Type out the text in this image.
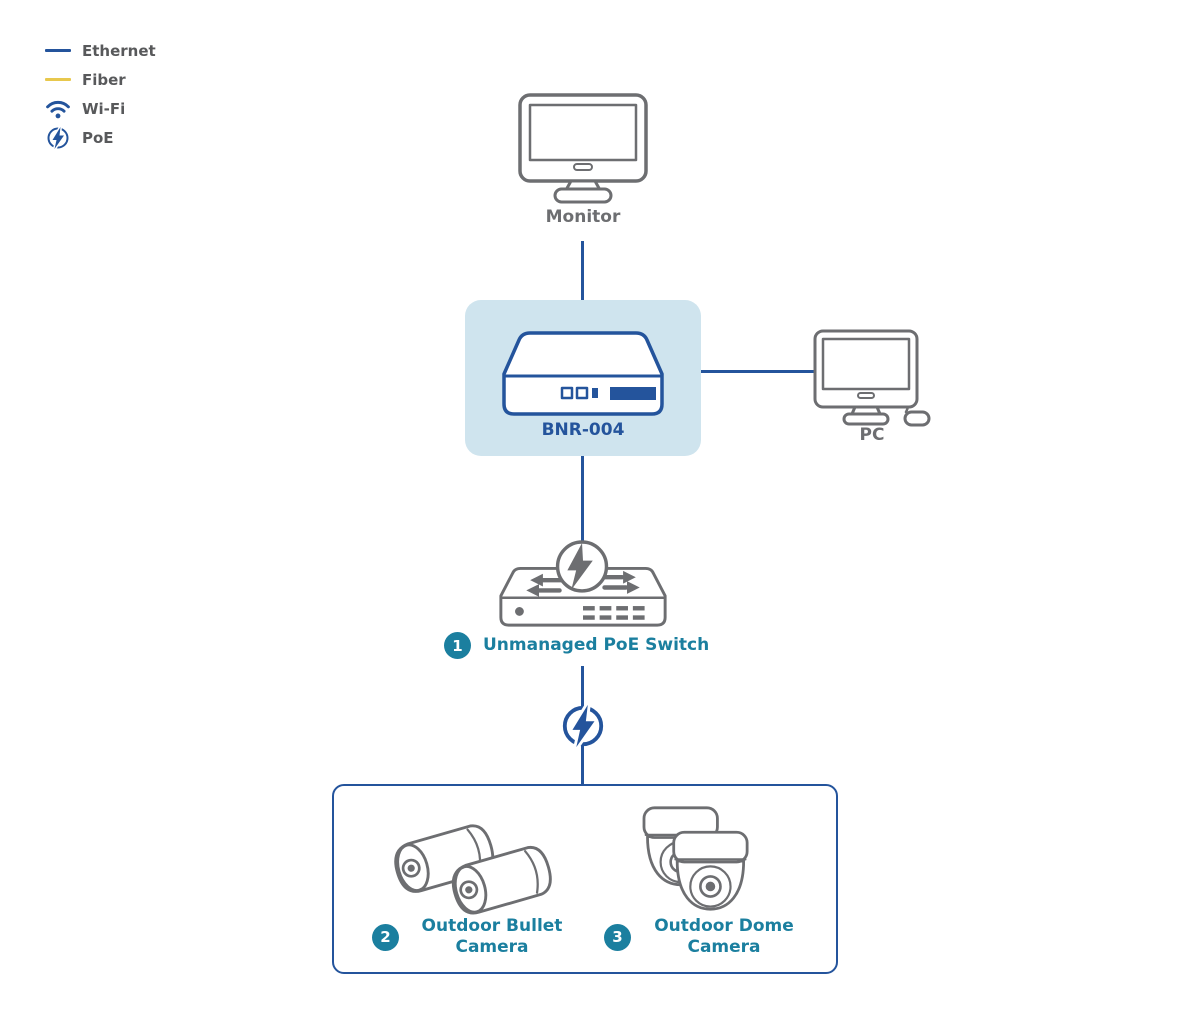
Ethernet
Fiber
Wi-Fi
PoE
Monitor
BNR-004	PC
1	Unmanaged PoE Switch
2
Outdoor Bullet Camera	3
Outdoor Dome Camera
